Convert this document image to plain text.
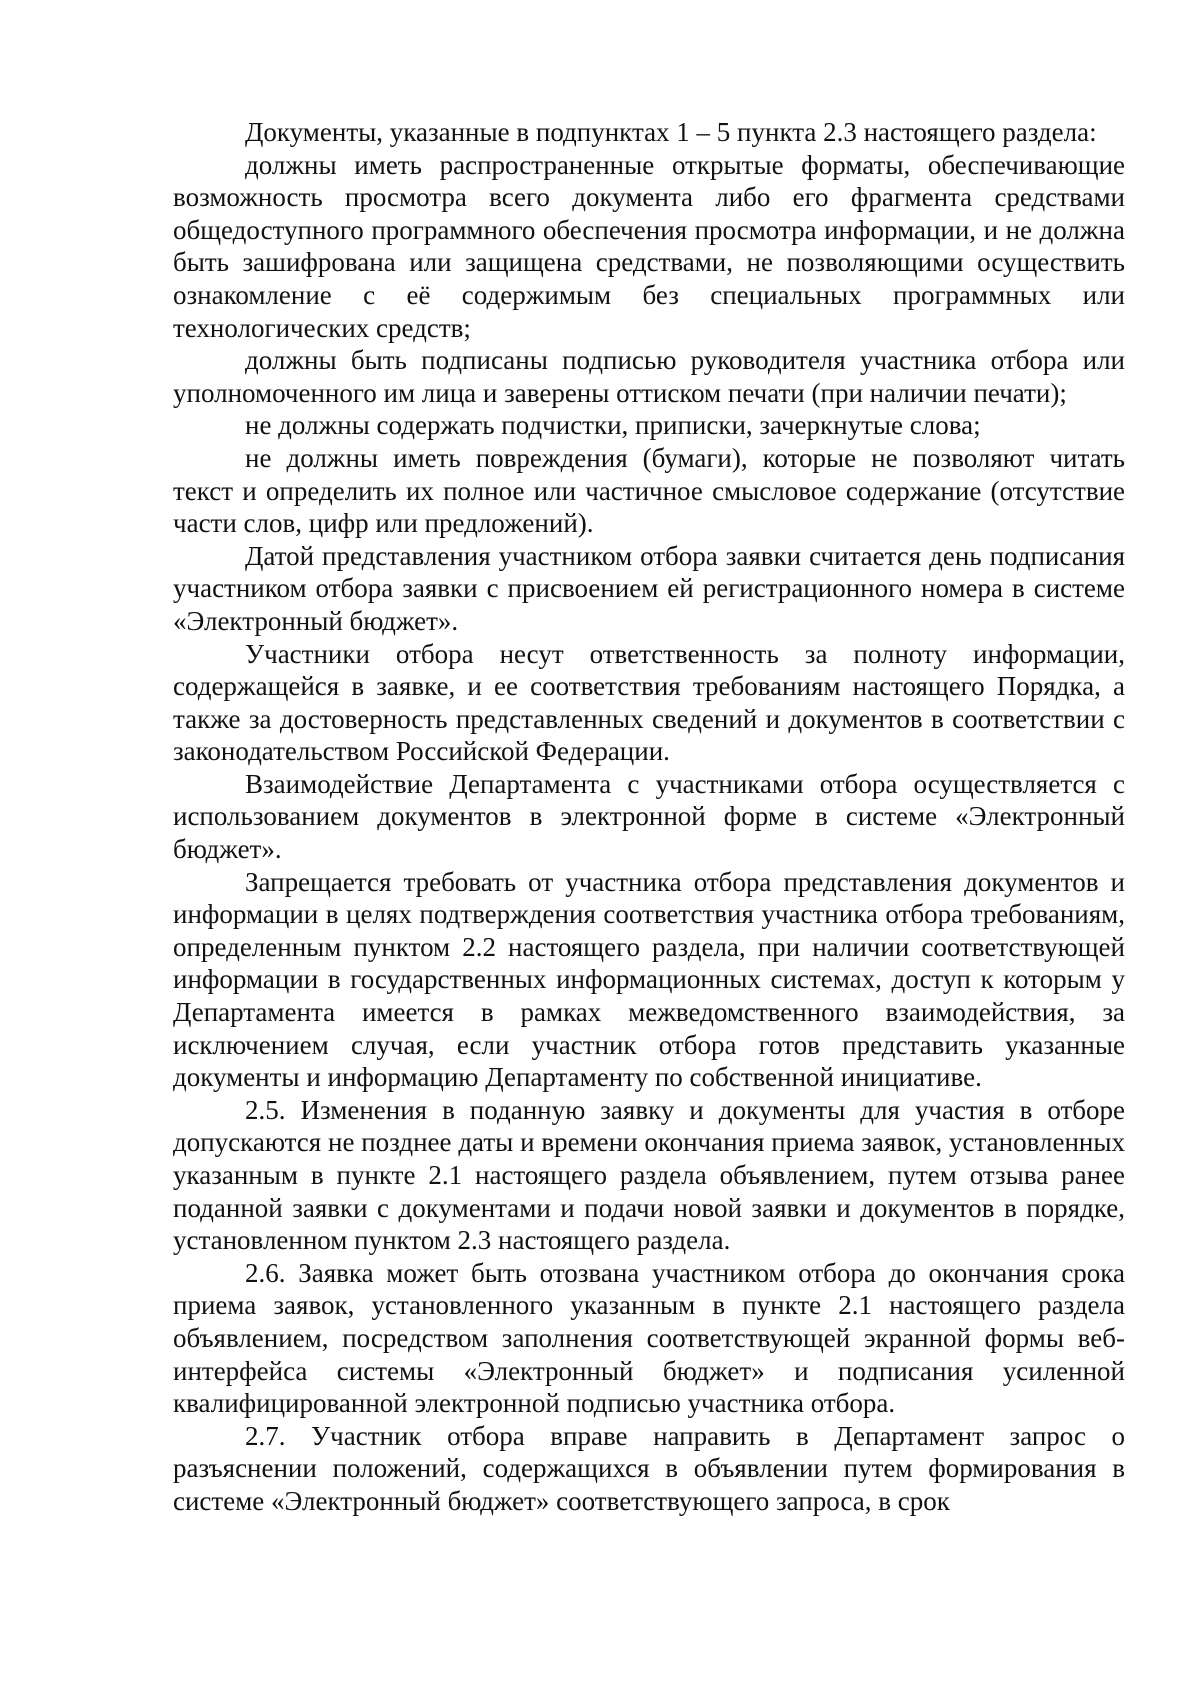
Документы, указанные в подпунктах 1 – 5 пункта 2.3 настоящего раздела:

должны иметь распространенные открытые форматы, обеспечивающие возможность просмотра всего документа либо его фрагмента средствами общедоступного программного обеспечения просмотра информации, и не должна быть зашифрована или защищена средствами, не позволяющими осуществить ознакомление с её содержимым без специальных программных или технологических средств;

должны быть подписаны подписью руководителя участника отбора или уполномоченного им лица и заверены оттиском печати (при наличии печати);

не должны содержать подчистки, приписки, зачеркнутые слова;

не должны иметь повреждения (бумаги), которые не позволяют читать текст и определить их полное или частичное смысловое содержание (отсутствие части слов, цифр или предложений).

Датой представления участником отбора заявки считается день подписания участником отбора заявки с присвоением ей регистрационного номера в системе «Электронный бюджет».

Участники отбора несут ответственность за полноту информации, содержащейся в заявке, и ее соответствия требованиям настоящего Порядка, а также за достоверность представленных сведений и документов в соответствии с законодательством Российской Федерации.

Взаимодействие Департамента с участниками отбора осуществляется с использованием документов в электронной форме в системе «Электронный бюджет».

Запрещается требовать от участника отбора представления документов и информации в целях подтверждения соответствия участника отбора требованиям, определенным пунктом 2.2 настоящего раздела, при наличии соответствующей информации в государственных информационных системах, доступ к которым у Департамента имеется в рамках межведомственного взаимодействия, за исключением случая, если участник отбора готов представить указанные документы и информацию Департаменту по собственной инициативе.

2.5. Изменения в поданную заявку и документы для участия в отборе допускаются не позднее даты и времени окончания приема заявок, установленных указанным в пункте 2.1 настоящего раздела объявлением, путем отзыва ранее поданной заявки с документами и подачи новой заявки и документов в порядке, установленном пунктом 2.3 настоящего раздела.

2.6. Заявка может быть отозвана участником отбора до окончания срока приема заявок, установленного указанным в пункте 2.1 настоящего раздела объявлением, посредством заполнения соответствующей экранной формы веб-интерфейса системы «Электронный бюджет» и подписания усиленной квалифицированной электронной подписью участника отбора.

2.7. Участник отбора вправе направить в Департамент запрос о разъяснении положений, содержащихся в объявлении путем формирования в системе «Электронный бюджет» соответствующего запроса, в срок
